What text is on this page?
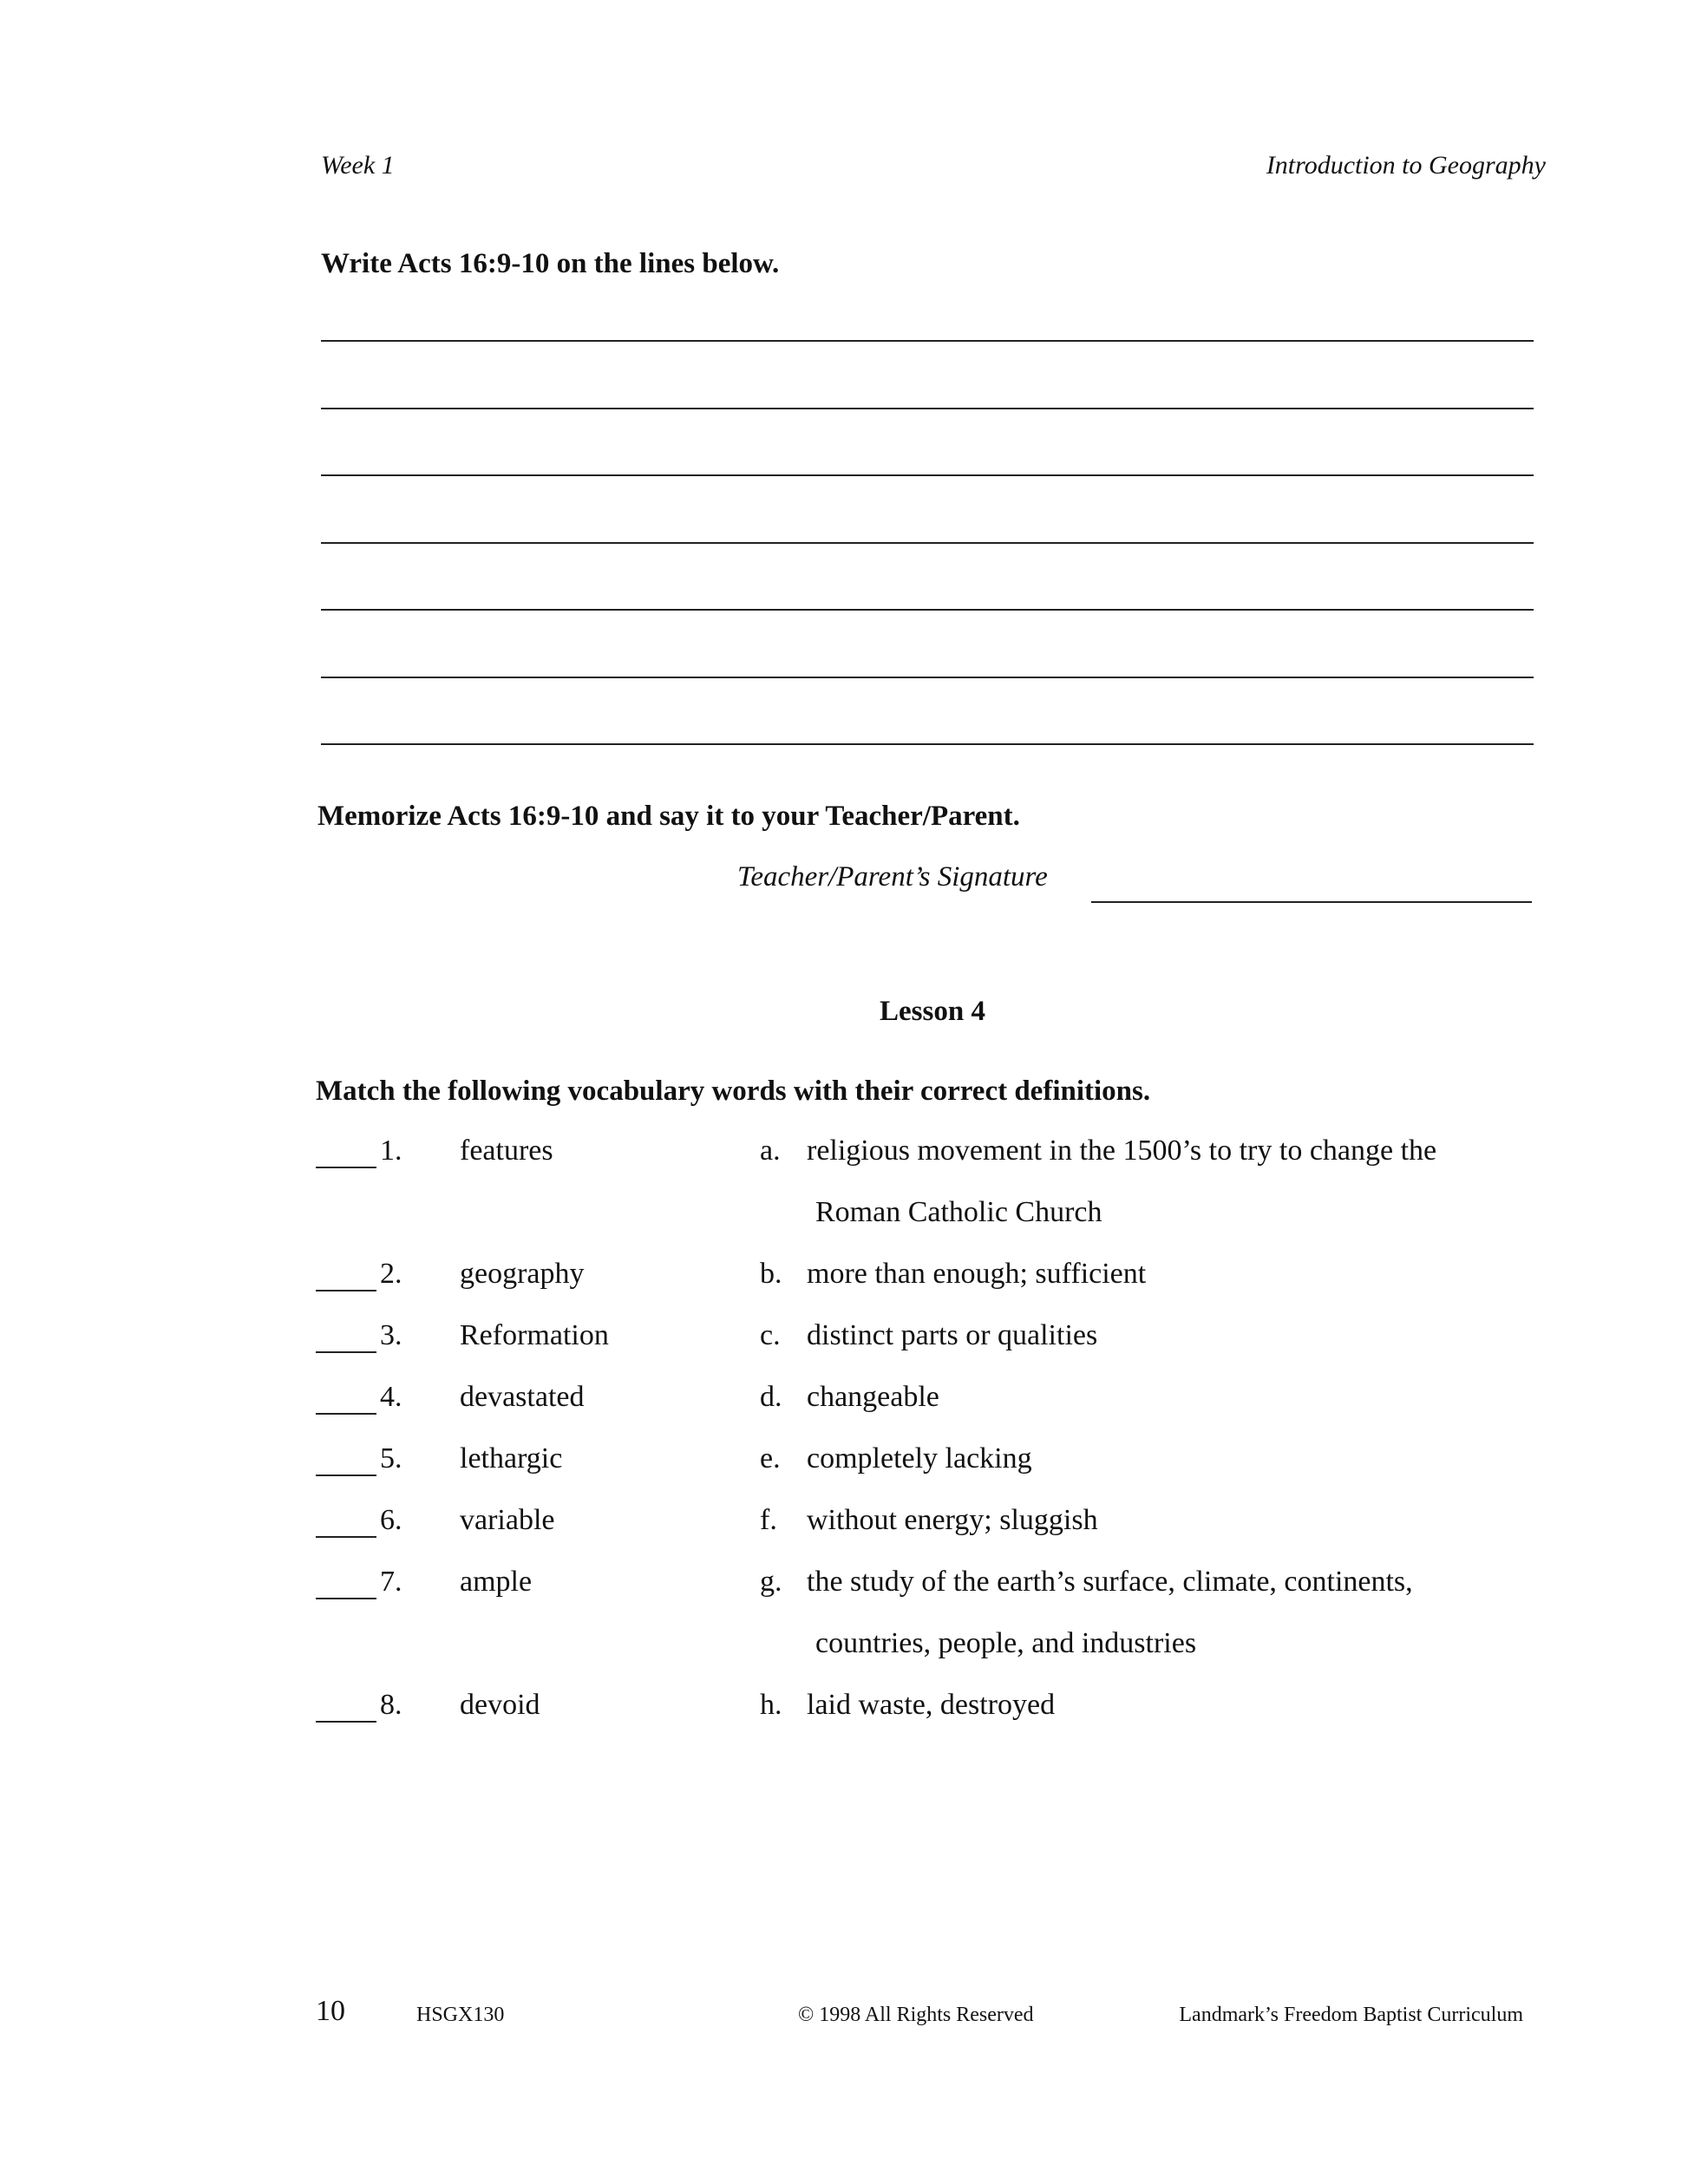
Week 1	Introduction to Geography
Write Acts 16:9-10 on the lines below.
Memorize Acts 16:9-10 and say it to your Teacher/Parent.
Teacher/Parent’s Signature
Lesson 4
Match the following vocabulary words with their correct definitions.
1. features	a. religious movement in the 1500’s to try to change the
Roman Catholic Church
2. geography	b. more than enough; sufficient
3. Reformation	c. distinct parts or qualities
4. devastated	d. changeable
5. lethargic	e. completely lacking
6. variable	f. without energy; sluggish
7. ample	g. the study of the earth’s surface, climate, continents,
countries, people, and industries
8. devoid	h. laid waste, destroyed
10	HSGX130	© 1998 All Rights Reserved	Landmark’s Freedom Baptist Curriculum
